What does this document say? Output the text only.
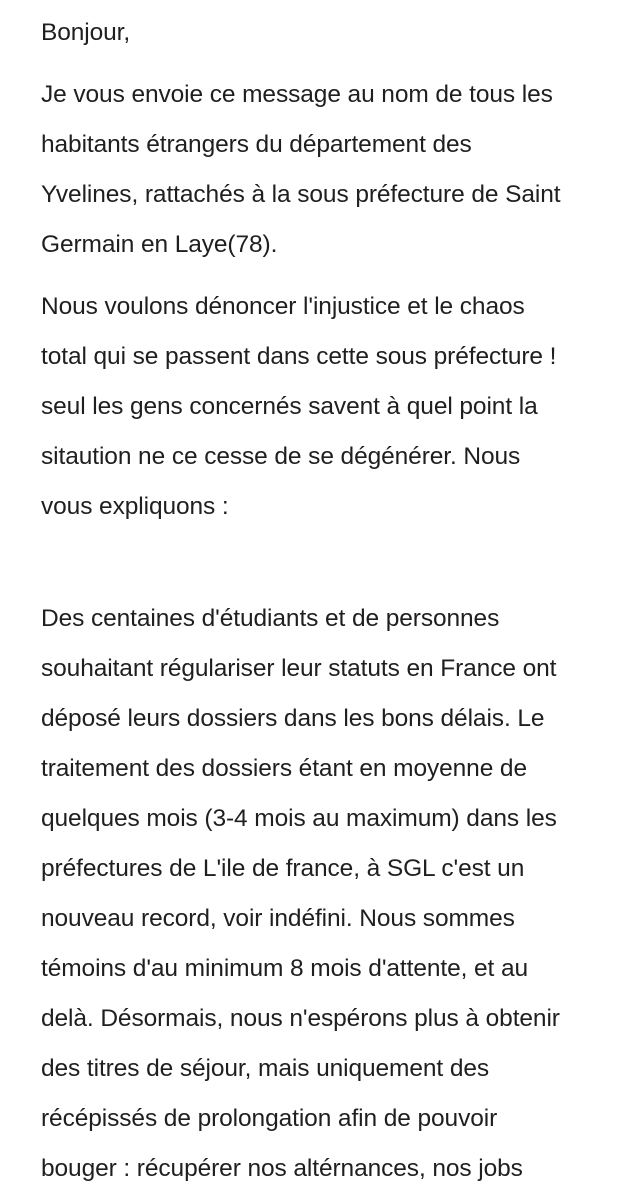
Bonjour,
Je vous envoie ce message au nom de tous les
habitants étrangers du département des
Yvelines, rattachés à la sous préfecture de Saint
Germain en Laye(78).
Nous voulons dénoncer l'injustice et le chaos
total qui se passent dans cette sous préfecture !
seul les gens concernés savent à quel point la
sitaution ne ce cesse de se dégénérer. Nous
vous expliquons :
Des centaines d'étudiants et de personnes
souhaitant régulariser leur statuts en France ont
déposé leurs dossiers dans les bons délais. Le
traitement des dossiers étant en moyenne de
quelques mois (3-4 mois au maximum) dans les
préfectures de L'ile de france, à SGL c'est un
nouveau record, voir indéfini. Nous sommes
témoins d'au minimum 8 mois d'attente, et au
delà. Désormais, nous n'espérons plus à obtenir
des titres de séjour, mais uniquement des
récépissés de prolongation afin de pouvoir
bouger : récupérer nos altérnances, nos jobs
